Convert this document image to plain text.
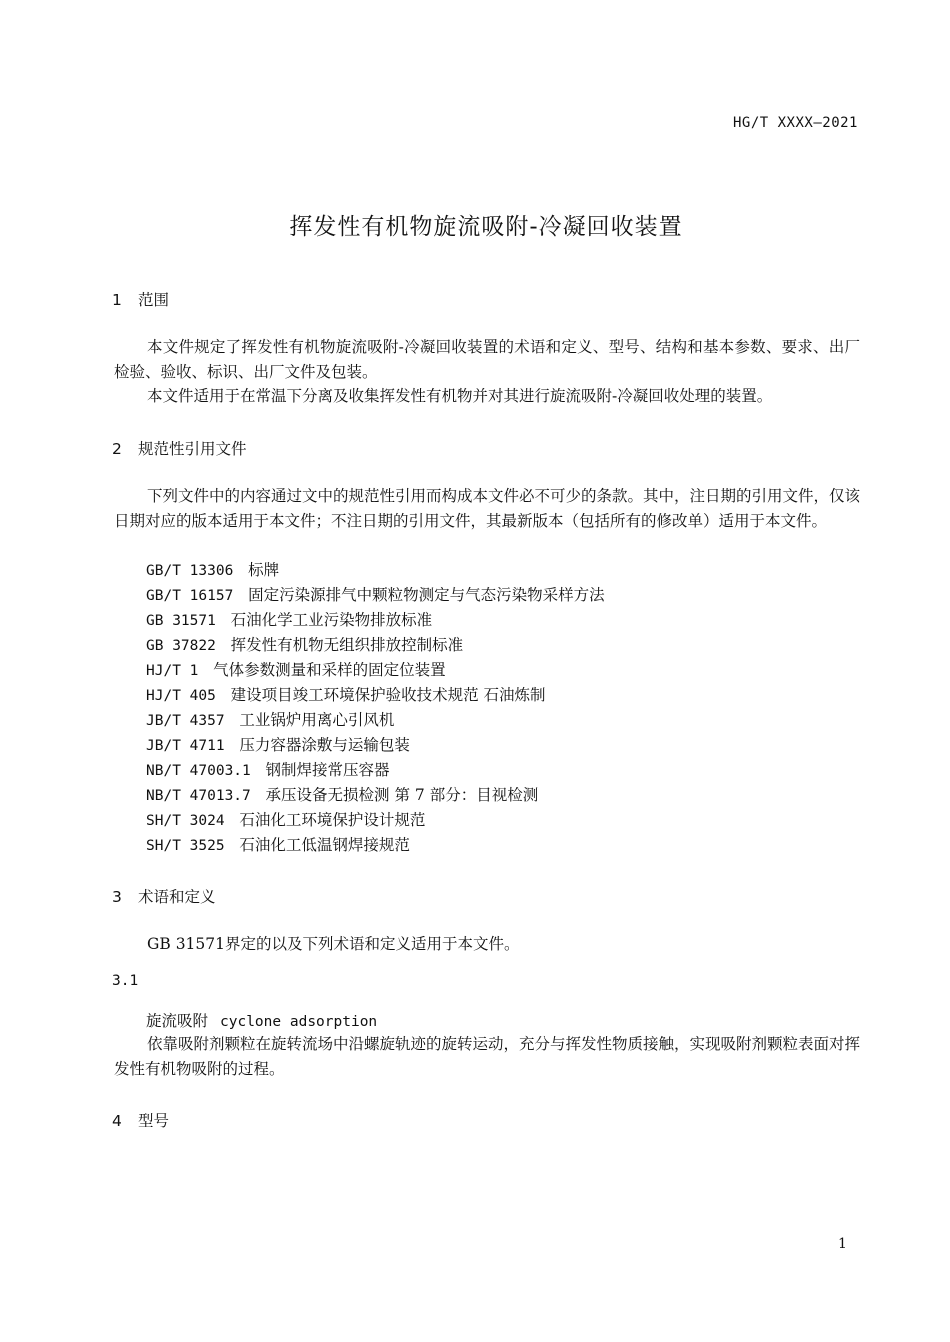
HG/T XXXX—2021
挥发性有机物旋流吸附-冷凝回收装置
1 范围
本文件规定了挥发性有机物旋流吸附-冷凝回收装置的术语和定义、型号、结构和基本参数、要求、出厂检验、验收、标识、出厂文件及包装。
本文件适用于在常温下分离及收集挥发性有机物并对其进行旋流吸附-冷凝回收处理的装置。
2 规范性引用文件
下列文件中的内容通过文中的规范性引用而构成本文件必不可少的条款。其中，注日期的引用文件，仅该日期对应的版本适用于本文件；不注日期的引用文件，其最新版本（包括所有的修改单）适用于本文件。
GB/T 13306 标牌
GB/T 16157 固定污染源排气中颗粒物测定与气态污染物采样方法
GB 31571 石油化学工业污染物排放标准
GB 37822 挥发性有机物无组织排放控制标准
HJ/T 1 气体参数测量和采样的固定位装置
HJ/T 405 建设项目竣工环境保护验收技术规范 石油炼制
JB/T 4357 工业锅炉用离心引风机
JB/T 4711 压力容器涂敷与运输包装
NB/T 47003.1 钢制焊接常压容器
NB/T 47013.7 承压设备无损检测 第 7 部分：目视检测
SH/T 3024 石油化工环境保护设计规范
SH/T 3525 石油化工低温钢焊接规范
3 术语和定义
GB 31571界定的以及下列术语和定义适用于本文件。
3.1
旋流吸附 cyclone adsorption
依靠吸附剂颗粒在旋转流场中沿螺旋轨迹的旋转运动，充分与挥发性物质接触，实现吸附剂颗粒表面对挥发性有机物吸附的过程。
4 型号
1
